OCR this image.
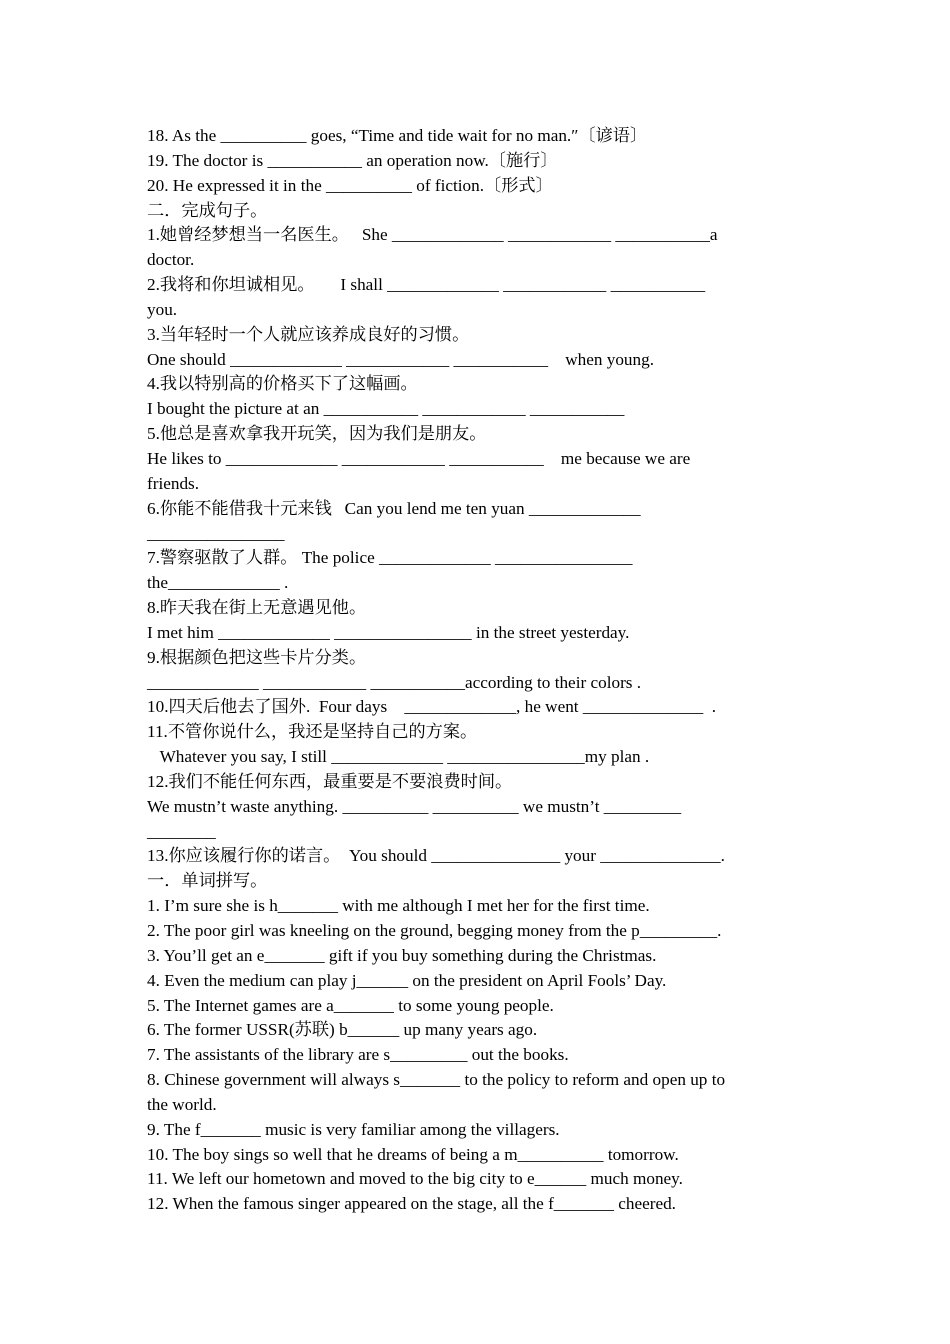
18. As the __________ goes, “Time and tide wait for no man.″〔谚语〕
19. The doctor is ___________ an operation now.〔施行〕
20. He expressed it in the __________ of fiction.〔形式〕
二．完成句子。
1.她曾经梦想当一名医生。   She _____________ ____________ ___________a
doctor.
2.我将和你坦诚相见。      I shall _____________ ____________ ___________
you.
3.当年轻时一个人就应该养成良好的习惯。
One should _____________ ____________ ___________    when young.
4.我以特别高的价格买下了这幅画。
I bought the picture at an ___________ ____________ ___________
5.他总是喜欢拿我开玩笑，因为我们是朋友。
He likes to _____________ ____________ ___________    me because we are
friends.
6.你能不能借我十元来钱   Can you lend me ten yuan _____________
________________
7.警察驱散了人群。 The police _____________ ________________
the_____________ .
8.昨天我在街上无意遇见他。
I met him _____________ ________________ in the street yesterday.
9.根据颜色把这些卡片分类。
_____________ ____________ ___________according to their colors .
10.四天后他去了国外.  Four days    _____________, he went ______________  .
11.不管你说什么，我还是坚持自己的方案。
Whatever you say, I still _____________ ________________my plan .
12.我们不能任何东西，最重要是不要浪费时间。
We mustn’t waste anything. __________ __________ we mustn’t _________
________
13.你应该履行你的诺言。  You should _______________ your ______________.
一．单词拼写。
1. I’m sure she is h_______ with me although I met her for the first time.
2. The poor girl was kneeling on the ground, begging money from the p_________.
3. You’ll get an e_______ gift if you buy something during the Christmas.
4. Even the medium can play j______ on the president on April Fools’ Day.
5. The Internet games are a_______ to some young people.
6. The former USSR(苏联) b______ up many years ago.
7. The assistants of the library are s_________ out the books.
8. Chinese government will always s_______ to the policy to reform and open up to
the world.
9. The f_______ music is very familiar among the villagers.
10. The boy sings so well that he dreams of being a m__________ tomorrow.
11. We left our hometown and moved to the big city to e______ much money.
12. When the famous singer appeared on the stage, all the f_______ cheered.
